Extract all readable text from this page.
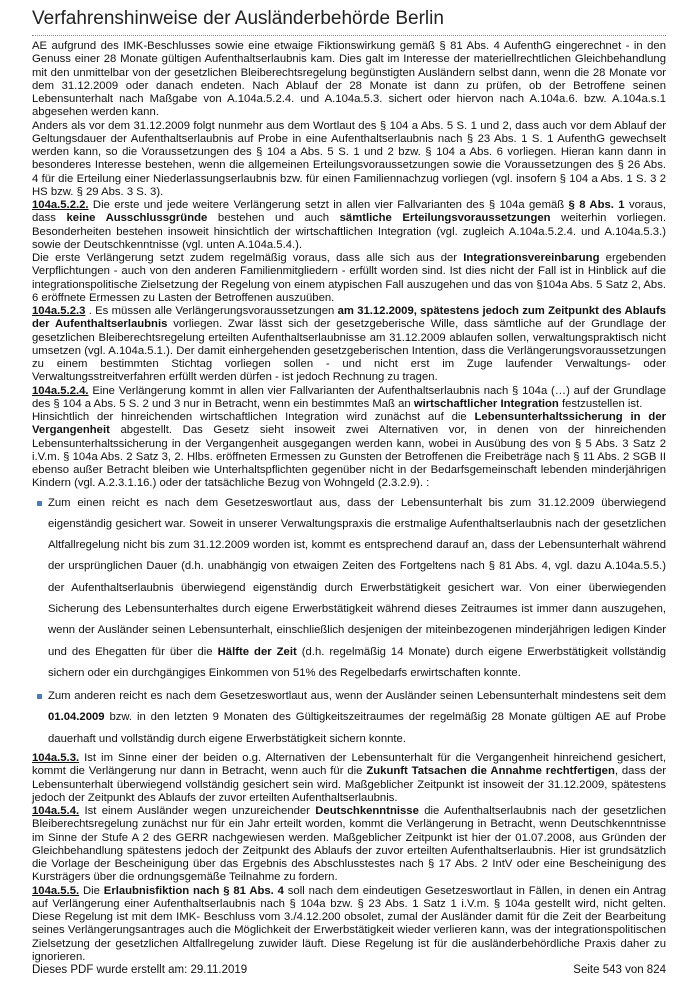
Verfahrenshinweise der Ausländerbehörde Berlin

AE aufgrund des IMK-Beschlusses sowie eine etwaige Fiktionswirkung gemäß § 81 Abs. 4 AufenthG eingerechnet - in den Genuss einer 28 Monate gültigen Aufenthaltserlaubnis kam. Dies galt im Interesse der materiellrechtlichen Gleichbehandlung mit den unmittelbar von der gesetzlichen Bleiberechtsregelung begünstigten Ausländern selbst dann, wenn die 28 Monate vor dem 31.12.2009 oder danach endeten. Nach Ablauf der 28 Monate ist dann zu prüfen, ob der Betroffene seinen Lebensunterhalt nach Maßgabe von A.104a.5.2.4. und A.104a.5.3. sichert oder hiervon nach A.104a.6. bzw. A.104a.s.1 abgesehen werden kann.

Anders als vor dem 31.12.2009 folgt nunmehr aus dem Wortlaut des § 104 a Abs. 5 S. 1 und 2, dass auch vor dem Ablauf der Geltungsdauer der Aufenthaltserlaubnis auf Probe in eine Aufenthaltserlaubnis nach § 23 Abs. 1 S. 1 AufenthG gewechselt werden kann, so die Voraussetzungen des § 104 a Abs. 5 S. 1 und 2 bzw. § 104 a Abs. 6 vorliegen. Hieran kann dann in besonderes Interesse bestehen, wenn die allgemeinen Erteilungsvoraussetzungen sowie die Voraussetzungen des § 26 Abs. 4 für die Erteilung einer Niederlassungserlaubnis bzw. für einen Familiennachzug vorliegen (vgl. insofern § 104 a Abs. 1 S. 3 2 HS bzw. § 29 Abs. 3 S. 3).

104a.5.2.2. Die erste und jede weitere Verlängerung setzt in allen vier Fallvarianten des § 104a gemäß § 8 Abs. 1 voraus, dass keine Ausschlussgründe bestehen und auch sämtliche Erteilungsvoraussetzungen weiterhin vorliegen. Besonderheiten bestehen insoweit hinsichtlich der wirtschaftlichen Integration (vgl. zugleich A.104a.5.2.4. und A.104a.5.3.) sowie der Deutschkenntnisse (vgl. unten A.104a.5.4.).

Die erste Verlängerung setzt zudem regelmäßig voraus, dass alle sich aus der Integrationsvereinbarung ergebenden Verpflichtungen - auch von den anderen Familienmitgliedern - erfüllt worden sind. Ist dies nicht der Fall ist in Hinblick auf die integrationspolitische Zielsetzung der Regelung von einem atypischen Fall auszugehen und das von §104a Abs. 5 Satz 2, Abs. 6 eröffnete Ermessen zu Lasten der Betroffenen auszuüben.

104a.5.2.3 . Es müssen alle Verlängerungsvoraussetzungen am 31.12.2009, spätestens jedoch zum Zeitpunkt des Ablaufs der Aufenthaltserlaubnis vorliegen. Zwar lässt sich der gesetzgeberische Wille, dass sämtliche auf der Grundlage der gesetzlichen Bleiberechtsregelung erteilten Aufenthaltserlaubnisse am 31.12.2009 ablaufen sollen, verwaltungspraktisch nicht umsetzen (vgl. A.104a.5.1.). Der damit einhergehenden gesetzgeberischen Intention, dass die Verlängerungsvoraussetzungen zu einem bestimmten Stichtag vorliegen sollen - und nicht erst im Zuge laufender Verwaltungs- oder Verwaltungsstreitverfahren erfüllt werden dürfen - ist jedoch Rechnung zu tragen.

104a.5.2.4. Eine Verlängerung kommt in allen vier Fallvarianten der Aufenthaltserlaubnis nach § 104a (…) auf der Grundlage des § 104 a Abs. 5 S. 2 und 3 nur in Betracht, wenn ein bestimmtes Maß an wirtschaftlicher Integration festzustellen ist.

Hinsichtlich der hinreichenden wirtschaftlichen Integration wird zunächst auf die Lebensunterhaltssicherung in der Vergangenheit abgestellt. Das Gesetz sieht insoweit zwei Alternativen vor, in denen von der hinreichenden Lebensunterhaltssicherung in der Vergangenheit ausgegangen werden kann, wobei in Ausübung des von § 5 Abs. 3 Satz 2 i.V.m. § 104a Abs. 2 Satz 3, 2. Hlbs. eröffneten Ermessen zu Gunsten der Betroffenen die Freibeträge nach § 11 Abs. 2 SGB II ebenso außer Betracht bleiben wie Unterhaltspflichten gegenüber nicht in der Bedarfsgemeinschaft lebenden minderjährigen Kindern (vgl. A.2.3.1.16.) oder der tatsächliche Bezug von Wohngeld (2.3.2.9). :

Zum einen reicht es nach dem Gesetzeswortlaut aus, dass der Lebensunterhalt bis zum 31.12.2009 überwiegend eigenständig gesichert war. Soweit in unserer Verwaltungspraxis die erstmalige Aufenthaltserlaubnis nach der gesetzlichen Altfallregelung nicht bis zum 31.12.2009 worden ist, kommt es entsprechend darauf an, dass der Lebensunterhalt während der ursprünglichen Dauer (d.h. unabhängig von etwaigen Zeiten des Fortgeltens nach § 81 Abs. 4, vgl. dazu A.104a.5.5.) der Aufenthaltserlaubnis überwiegend eigenständig durch Erwerbstätigkeit gesichert war. Von einer überwiegenden Sicherung des Lebensunterhaltes durch eigene Erwerbstätigkeit während dieses Zeitraumes ist immer dann auszugehen, wenn der Ausländer seinen Lebensunterhalt, einschließlich desjenigen der miteinbezogenen minderjährigen ledigen Kinder und des Ehegatten für über die Hälfte der Zeit (d.h. regelmäßig 14 Monate) durch eigene Erwerbstätigkeit vollständig sichern oder ein durchgängiges Einkommen von 51% des Regelbedarfs erwirtschaften konnte.
Zum anderen reicht es nach dem Gesetzeswortlaut aus, wenn der Ausländer seinen Lebensunterhalt mindestens seit dem 01.04.2009 bzw. in den letzten 9 Monaten des Gültigkeitszeitraumes der regelmäßig 28 Monate gültigen AE auf Probe dauerhaft und vollständig durch eigene Erwerbstätigkeit sichern konnte.

104a.5.3. Ist im Sinne einer der beiden o.g. Alternativen der Lebensunterhalt für die Vergangenheit hinreichend gesichert, kommt die Verlängerung nur dann in Betracht, wenn auch für die Zukunft Tatsachen die Annahme rechtfertigen, dass der Lebensunterhalt überwiegend vollständig gesichert sein wird. Maßgeblicher Zeitpunkt ist insoweit der 31.12.2009, spätestens jedoch der Zeitpunkt des Ablaufs der zuvor erteilten Aufenthaltserlaubnis.

104a.5.4. Ist einem Ausländer wegen unzureichender Deutschkenntnisse die Aufenthaltserlaubnis nach der gesetzlichen Bleiberechtsregelung zunächst nur für ein Jahr erteilt worden, kommt die Verlängerung in Betracht, wenn Deutschkenntnisse im Sinne der Stufe A 2 des GERR nachgewiesen werden. Maßgeblicher Zeitpunkt ist hier der 01.07.2008, aus Gründen der Gleichbehandlung spätestens jedoch der Zeitpunkt des Ablaufs der zuvor erteilten Aufenthaltserlaubnis. Hier ist grundsätzlich die Vorlage der Bescheinigung über das Ergebnis des Abschlusstestes nach § 17 Abs. 2 IntV oder eine Bescheinigung des Kursträgers über die ordnungsgemäße Teilnahme zu fordern.

104a.5.5. Die Erlaubnisfiktion nach § 81 Abs. 4 soll nach dem eindeutigen Gesetzeswortlaut in Fällen, in denen ein Antrag auf Verlängerung einer Aufenthaltserlaubnis nach § 104a bzw. § 23 Abs. 1 Satz 1 i.V.m. § 104a gestellt wird, nicht gelten. Diese Regelung ist mit dem IMK- Beschluss vom 3./4.12.200 obsolet, zumal der Ausländer damit für die Zeit der Bearbeitung seines Verlängerungsantrages auch die Möglichkeit der Erwerbstätigkeit wieder verlieren kann, was der integrationspolitischen Zielsetzung der gesetzlichen Altfallregelung zuwider läuft. Diese Regelung ist für die ausländerbehördliche Praxis daher zu ignorieren.

Dieses PDF wurde erstellt am: 29.11.2019	Seite 543 von 824
